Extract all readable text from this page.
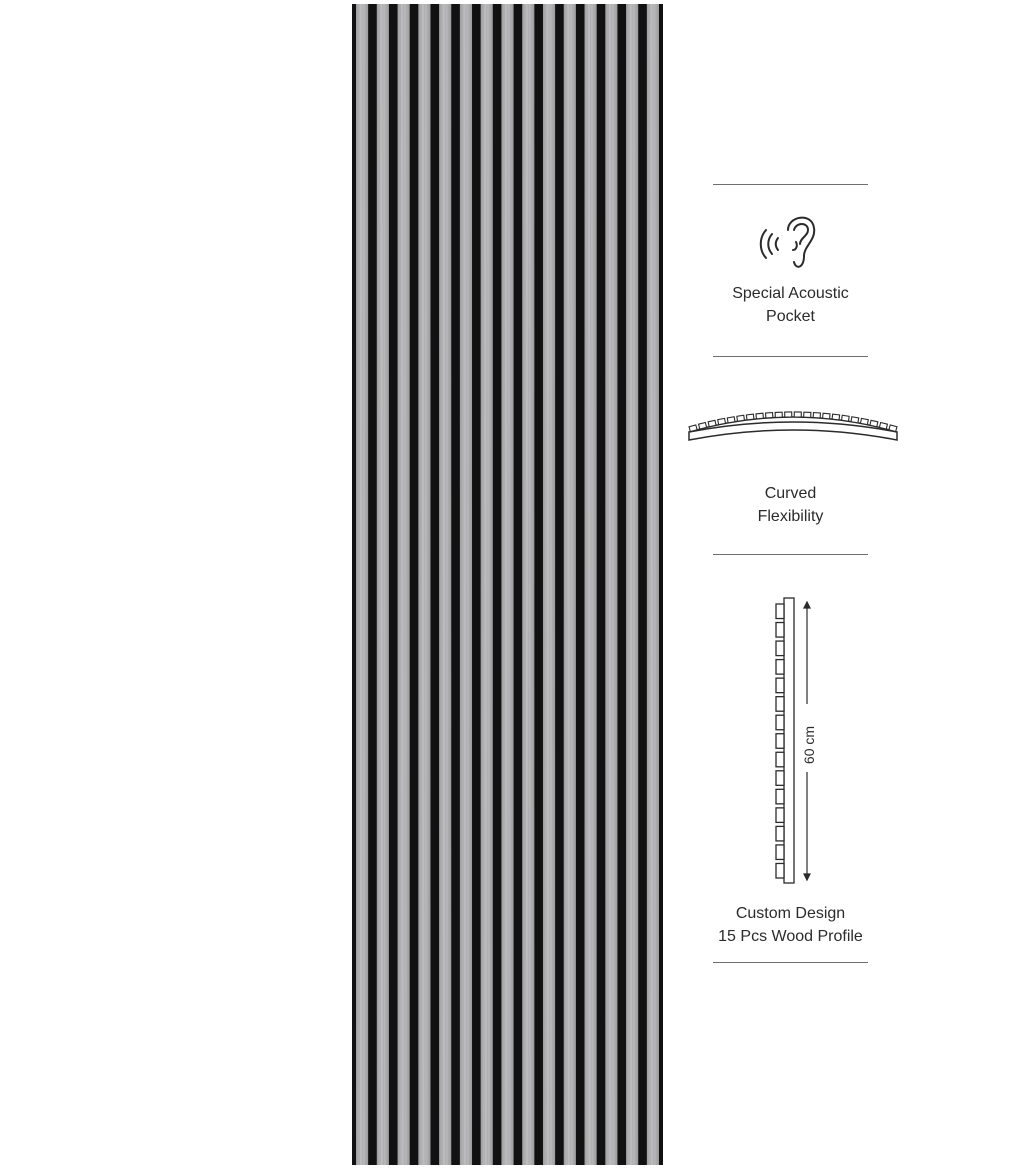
Special Acoustic
Pocket
Curved
Flexibility
60 cm
Custom Design
15 Pcs Wood Profile
